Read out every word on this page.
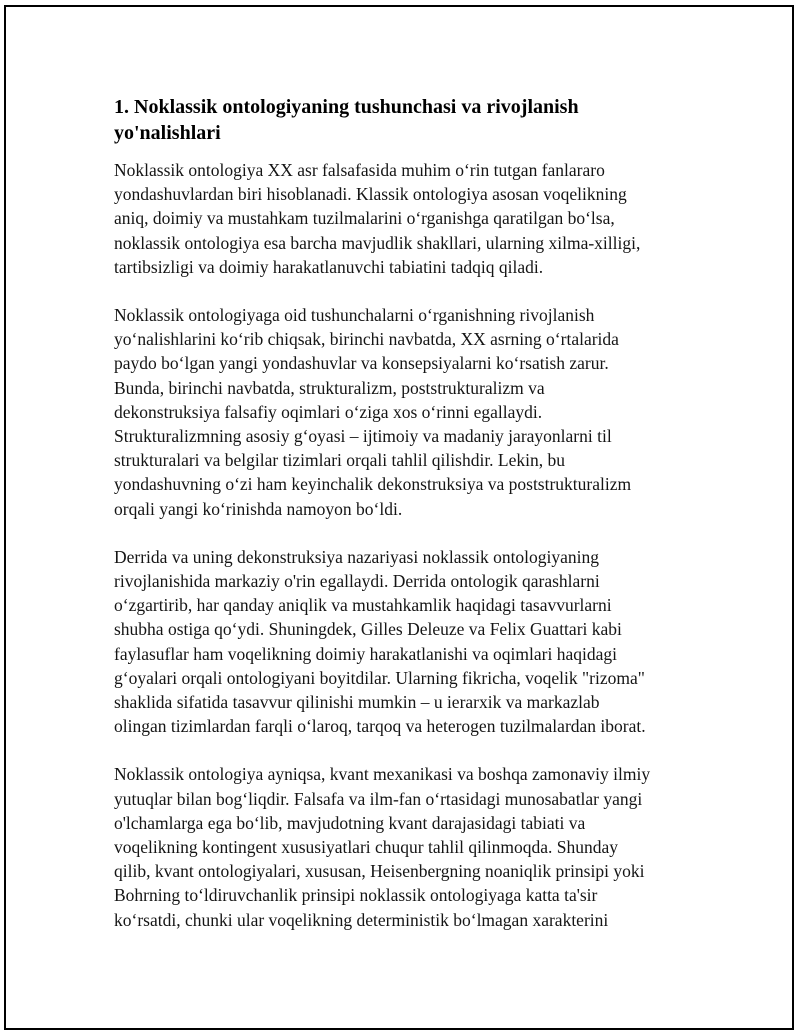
1. Noklassik ontologiyaning tushunchasi va rivojlanish
yo'nalishlari

Noklassik ontologiya XX asr falsafasida muhim o‘rin tutgan fanlararo
yondashuvlardan biri hisoblanadi. Klassik ontologiya asosan voqelikning
aniq, doimiy va mustahkam tuzilmalarini o‘rganishga qaratilgan bo‘lsa,
noklassik ontologiya esa barcha mavjudlik shakllari, ularning xilma-xilligi,
tartibsizligi va doimiy harakatlanuvchi tabiatini tadqiq qiladi.

Noklassik ontologiyaga oid tushunchalarni o‘rganishning rivojlanish
yo‘nalishlarini ko‘rib chiqsak, birinchi navbatda, XX asrning o‘rtalarida
paydo bo‘lgan yangi yondashuvlar va konsepsiyalarni ko‘rsatish zarur.
Bunda, birinchi navbatda, strukturalizm, poststrukturalizm va
dekonstruksiya falsafiy oqimlari o‘ziga xos o‘rinni egallaydi.
Strukturalizmning asosiy g‘oyasi – ijtimoiy va madaniy jarayonlarni til
strukturalari va belgilar tizimlari orqali tahlil qilishdir. Lekin, bu
yondashuvning o‘zi ham keyinchalik dekonstruksiya va poststrukturalizm
orqali yangi ko‘rinishda namoyon bo‘ldi.

Derrida va uning dekonstruksiya nazariyasi noklassik ontologiyaning
rivojlanishida markaziy o'rin egallaydi. Derrida ontologik qarashlarni
o‘zgartirib, har qanday aniqlik va mustahkamlik haqidagi tasavvurlarni
shubha ostiga qo‘ydi. Shuningdek, Gilles Deleuze va Felix Guattari kabi
faylasuflar ham voqelikning doimiy harakatlanishi va oqimlari haqidagi
g‘oyalari orqali ontologiyani boyitdilar. Ularning fikricha, voqelik "rizoma"
shaklida sifatida tasavvur qilinishi mumkin – u ierarxik va markazlab
olingan tizimlardan farqli o‘laroq, tarqoq va heterogen tuzilmalardan iborat.

Noklassik ontologiya ayniqsa, kvant mexanikasi va boshqa zamonaviy ilmiy
yutuqlar bilan bog‘liqdir. Falsafa va ilm-fan o‘rtasidagi munosabatlar yangi
o'lchamlarga ega bo‘lib, mavjudotning kvant darajasidagi tabiati va
voqelikning kontingent xususiyatlari chuqur tahlil qilinmoqda. Shunday
qilib, kvant ontologiyalari, xususan, Heisenbergning noaniqlik prinsipi yoki
Bohrning to‘ldiruvchanlik prinsipi noklassik ontologiyaga katta ta'sir
ko‘rsatdi, chunki ular voqelikning deterministik bo‘lmagan xarakterini
